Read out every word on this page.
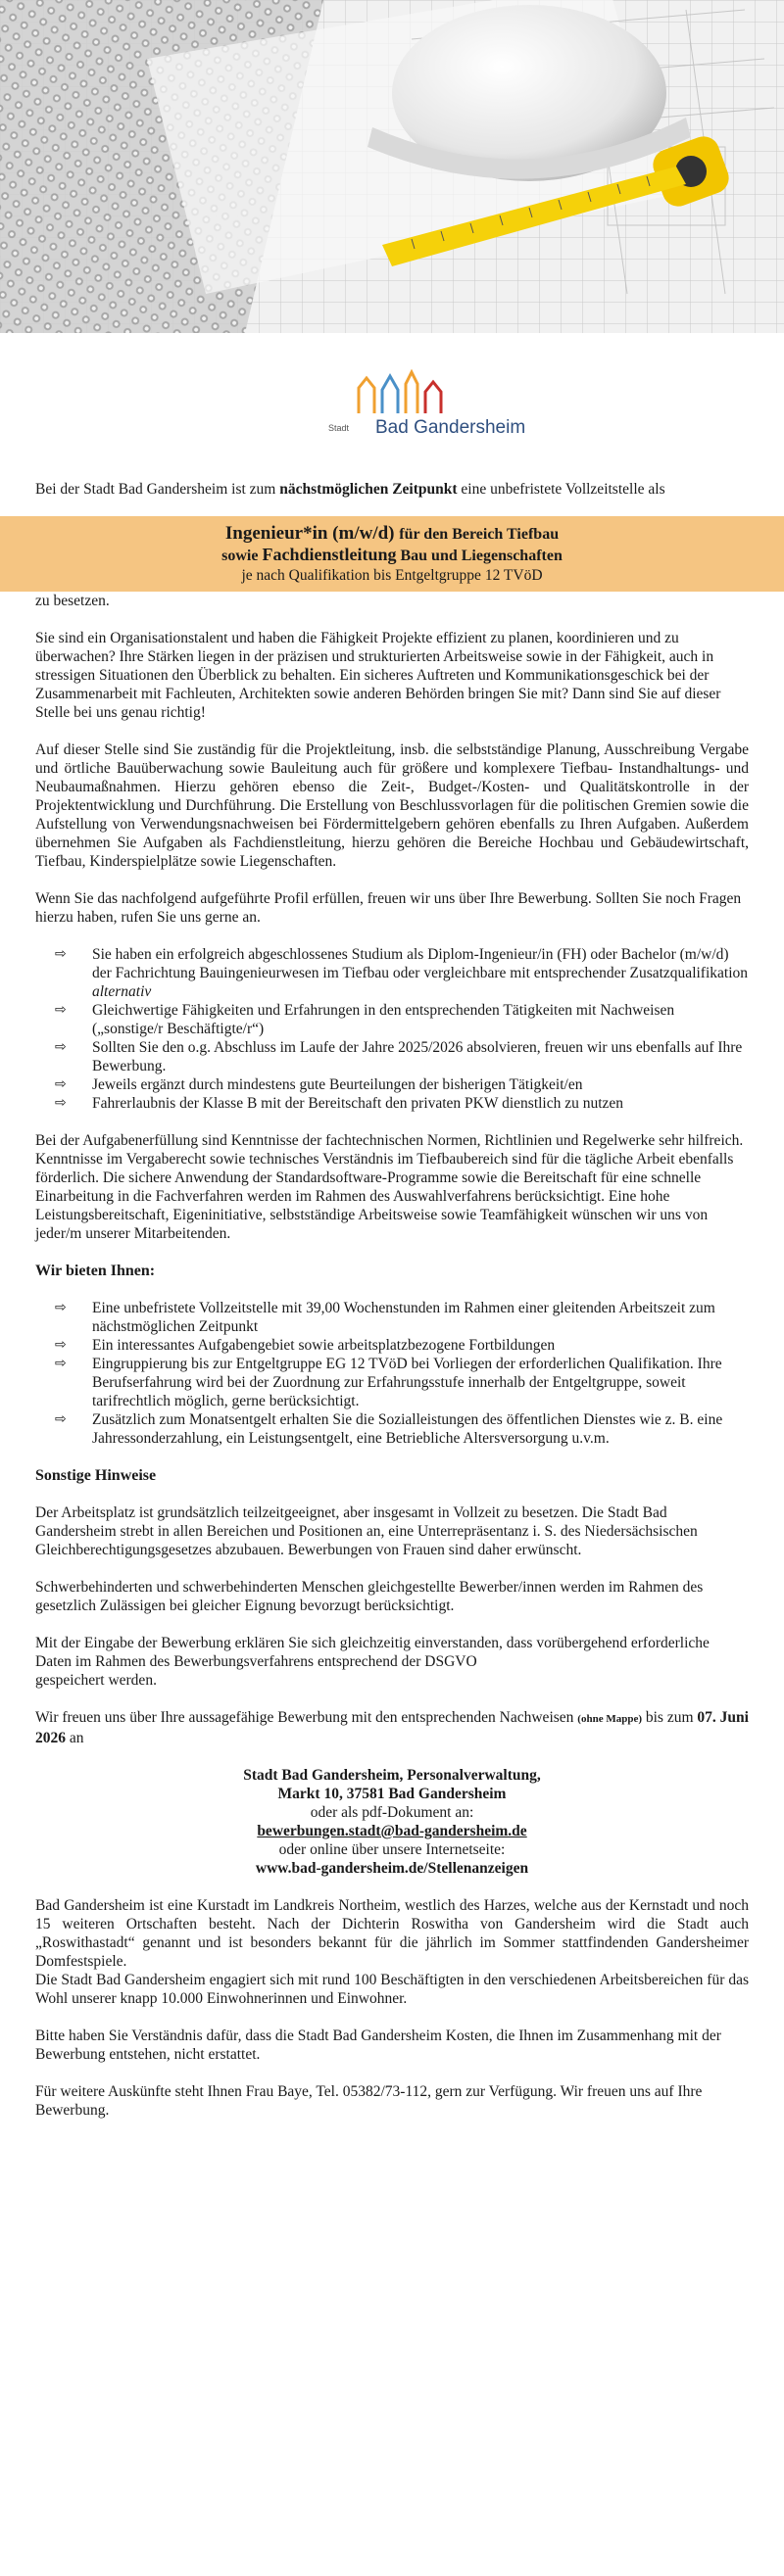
Stadt Bad Gandersheim

Bei der Stadt Bad Gandersheim ist zum nächstmöglichen Zeitpunkt eine unbefristete Vollzeitstelle als

Ingenieur*in (m/w/d) für den Bereich Tiefbau
sowie Fachdienstleitung Bau und Liegenschaften
je nach Qualifikation bis Entgeltgruppe 12 TVöD

zu besetzen.

Sie sind ein Organisationstalent und haben die Fähigkeit Projekte effizient zu planen, koordinieren und zu überwachen? Ihre Stärken liegen in der präzisen und strukturierten Arbeitsweise sowie in der Fähigkeit, auch in stressigen Situationen den Überblick zu behalten. Ein sicheres Auftreten und Kommunikationsgeschick bei der Zusammenarbeit mit Fachleuten, Architekten sowie anderen Behörden bringen Sie mit? Dann sind Sie auf dieser Stelle bei uns genau richtig!

Auf dieser Stelle sind Sie zuständig für die Projektleitung, insb. die selbstständige Planung, Ausschreibung Vergabe und örtliche Bauüberwachung sowie Bauleitung auch für größere und komplexere Tiefbau- Instandhaltungs- und Neubaumaßnahmen. Hierzu gehören ebenso die Zeit-, Budget-/Kosten- und Qualitätskontrolle in der Projektentwicklung und Durchführung. Die Erstellung von Beschlussvorlagen für die politischen Gremien sowie die Aufstellung von Verwendungsnachweisen bei Fördermittelgebern gehören ebenfalls zu Ihren Aufgaben. Außerdem übernehmen Sie Aufgaben als Fachdienstleitung, hierzu gehören die Bereiche Hochbau und Gebäudewirtschaft, Tiefbau, Kinderspielplätze sowie Liegenschaften.

Wenn Sie das nachfolgend aufgeführte Profil erfüllen, freuen wir uns über Ihre Bewerbung. Sollten Sie noch Fragen hierzu haben, rufen Sie uns gerne an.

⇨ Sie haben ein erfolgreich abgeschlossenes Studium als Diplom-Ingenieur/in (FH) oder Bachelor (m/w/d) der Fachrichtung Bauingenieurwesen im Tiefbau oder vergleichbare mit entsprechender Zusatzqualifikation alternativ
⇨ Gleichwertige Fähigkeiten und Erfahrungen in den entsprechenden Tätigkeiten mit Nachweisen („sonstige/r Beschäftigte/r“)
⇨ Sollten Sie den o.g. Abschluss im Laufe der Jahre 2025/2026 absolvieren, freuen wir uns ebenfalls auf Ihre Bewerbung.
⇨ Jeweils ergänzt durch mindestens gute Beurteilungen der bisherigen Tätigkeit/en
⇨ Fahrerlaubnis der Klasse B mit der Bereitschaft den privaten PKW dienstlich zu nutzen

Bei der Aufgabenerfüllung sind Kenntnisse der fachtechnischen Normen, Richtlinien und Regelwerke sehr hilfreich. Kenntnisse im Vergaberecht sowie technisches Verständnis im Tiefbaubereich sind für die tägliche Arbeit ebenfalls förderlich. Die sichere Anwendung der Standardsoftware-Programme sowie die Bereitschaft für eine schnelle Einarbeitung in die Fachverfahren werden im Rahmen des Auswahlverfahrens berücksichtigt. Eine hohe Leistungsbereitschaft, Eigeninitiative, selbstständige Arbeitsweise sowie Teamfähigkeit wünschen wir uns von jeder/m unserer Mitarbeitenden.

Wir bieten Ihnen:
⇨ Eine unbefristete Vollzeitstelle mit 39,00 Wochenstunden im Rahmen einer gleitenden Arbeitszeit zum nächstmöglichen Zeitpunkt
⇨ Ein interessantes Aufgabengebiet sowie arbeitsplatzbezogene Fortbildungen
⇨ Eingruppierung bis zur Entgeltgruppe EG 12 TVöD bei Vorliegen der erforderlichen Qualifikation. Ihre Berufserfahrung wird bei der Zuordnung zur Erfahrungsstufe innerhalb der Entgeltgruppe, soweit tarifrechtlich möglich, gerne berücksichtigt.
⇨ Zusätzlich zum Monatsentgelt erhalten Sie die Sozialleistungen des öffentlichen Dienstes wie z. B. eine Jahressonderzahlung, ein Leistungsentgelt, eine Betriebliche Altersversorgung u.v.m.
Sonstige Hinweise

Der Arbeitsplatz ist grundsätzlich teilzeitgeeignet, aber insgesamt in Vollzeit zu besetzen. Die Stadt Bad Gandersheim strebt in allen Bereichen und Positionen an, eine Unterrepräsentanz i. S. des Niedersächsischen Gleichberechtigungsgesetzes abzubauen. Bewerbungen von Frauen sind daher erwünscht.

Schwerbehinderten und schwerbehinderten Menschen gleichgestellte Bewerber/innen werden im Rahmen des gesetzlich Zulässigen bei gleicher Eignung bevorzugt berücksichtigt.

Mit der Eingabe der Bewerbung erklären Sie sich gleichzeitig einverstanden, dass vorübergehend erforderliche Daten im Rahmen des Bewerbungsverfahrens entsprechend der DSGVO
gespeichert werden.

Wir freuen uns über Ihre aussagefähige Bewerbung mit den entsprechenden Nachweisen (ohne Mappe) bis zum 07. Juni 2026 an

Stadt Bad Gandersheim, Personalverwaltung,
Markt 10, 37581 Bad Gandersheim
oder als pdf-Dokument an:
bewerbungen.stadt@bad-gandersheim.de
oder online über unsere Internetseite:
www.bad-gandersheim.de/Stellenanzeigen

Bad Gandersheim ist eine Kurstadt im Landkreis Northeim, westlich des Harzes, welche aus der Kernstadt und noch 15 weiteren Ortschaften besteht. Nach der Dichterin Roswitha von Gandersheim wird die Stadt auch „Roswithastadt“ genannt und ist besonders bekannt für die jährlich im Sommer stattfindenden Gandersheimer Domfestspiele.
Die Stadt Bad Gandersheim engagiert sich mit rund 100 Beschäftigten in den verschiedenen Arbeitsbereichen für das Wohl unserer knapp 10.000 Einwohnerinnen und Einwohner.

Bitte haben Sie Verständnis dafür, dass die Stadt Bad Gandersheim Kosten, die Ihnen im Zusammenhang mit der Bewerbung entstehen, nicht erstattet.

Für weitere Auskünfte steht Ihnen Frau Baye, Tel. 05382/73-112, gern zur Verfügung. Wir freuen uns auf Ihre Bewerbung.
